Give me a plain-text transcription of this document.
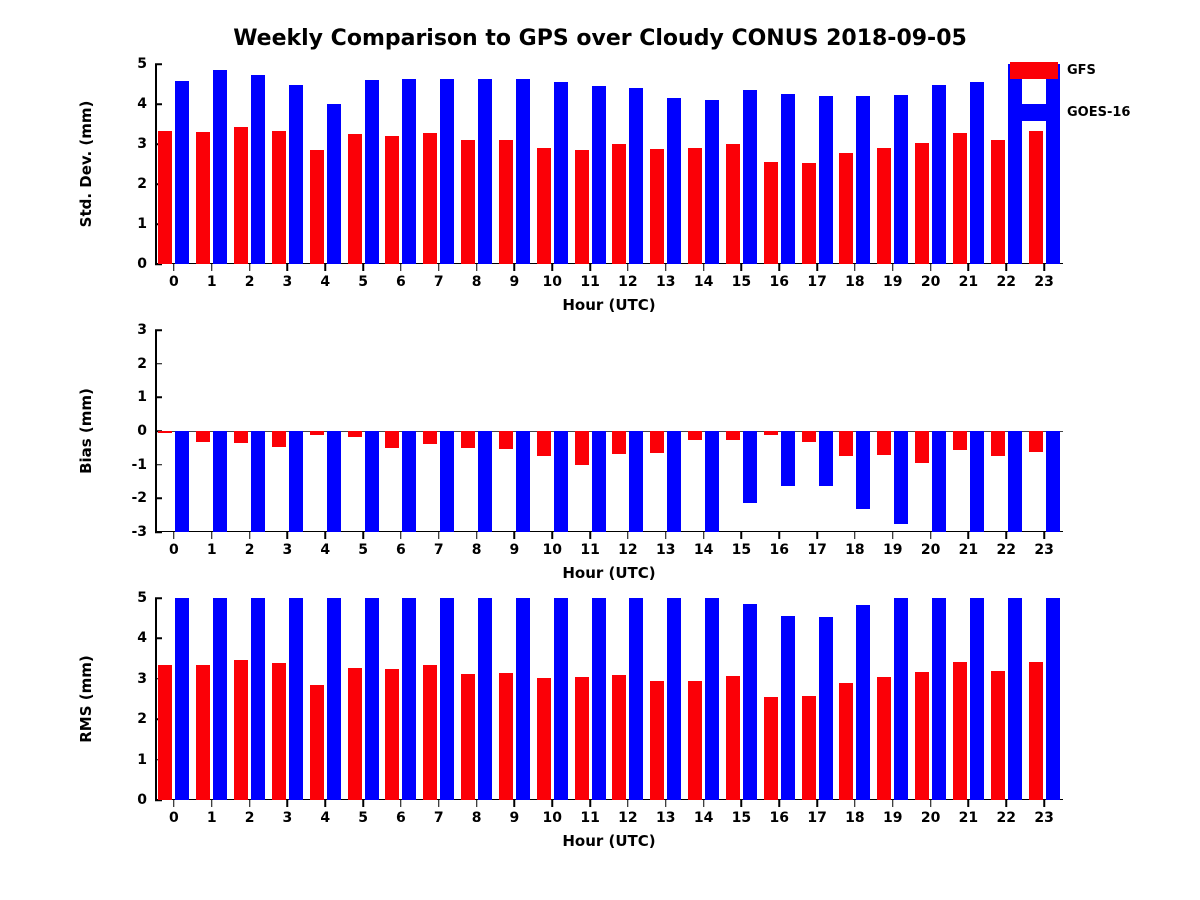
Weekly Comparison to GPS over Cloudy CONUS 2018-09-05
Std. Dev. (mm)
0 1 2 3 4 5 6 7 8 9 10 11 12 13 14 15 16 17 18 19 20 21 22 23
Hour (UTC)
0
1
2
3
4
5
Bias (mm)
0 1 2 3 4 5 6 7 8 9 10 11 12 13 14 15 16 17 18 19 20 21 22 23
Hour (UTC)
-3
-2
-1
0
1
2
3
RMS (mm)
0 1 2 3 4 5 6 7 8 9 10 11 12 13 14 15 16 17 18 19 20 21 22 23
Hour (UTC)
0
1
2
3
4
5
GFS
GOES-16
